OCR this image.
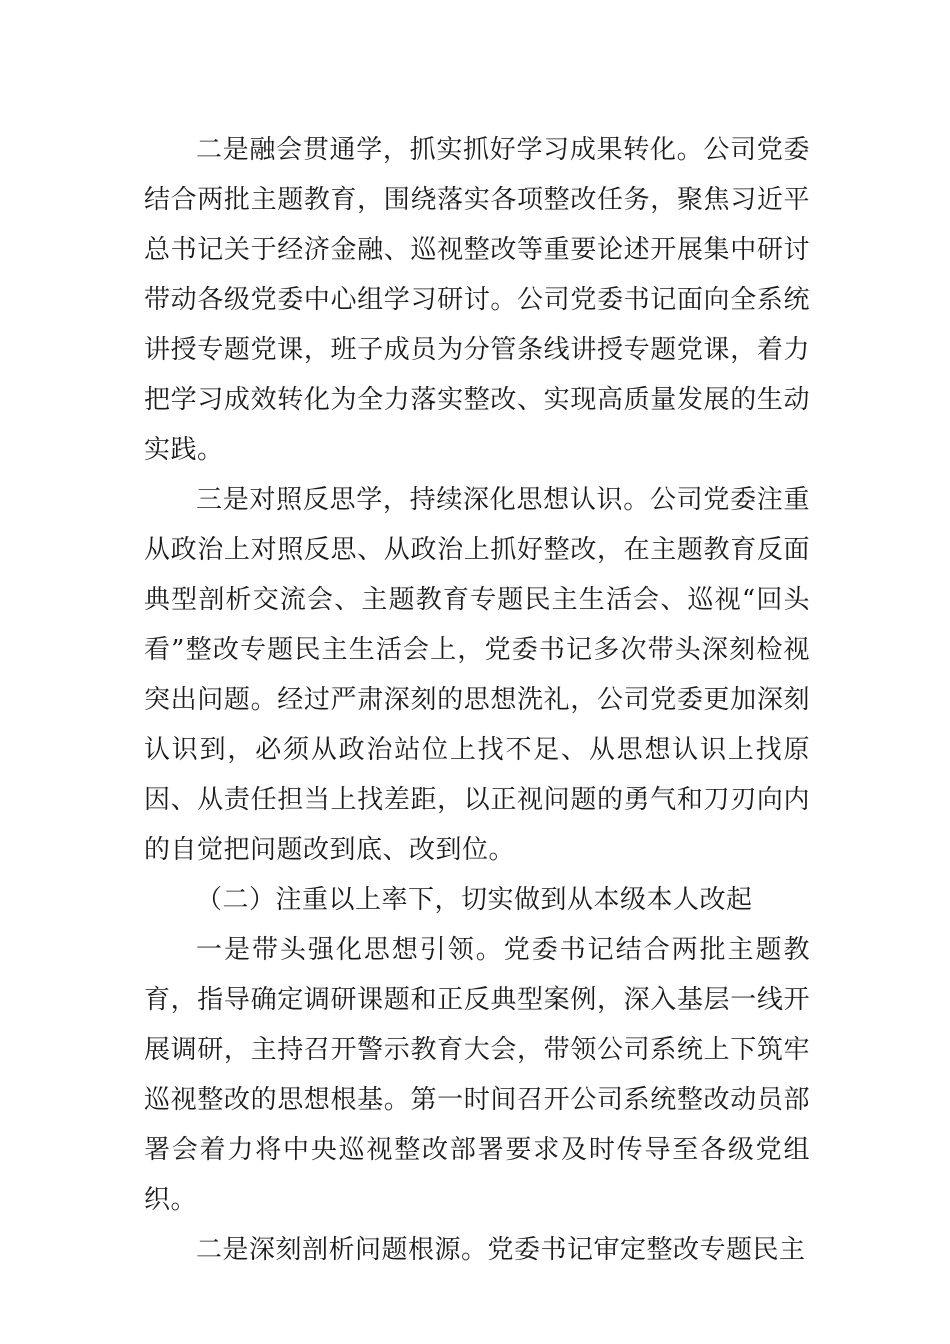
二是融会贯通学，抓实抓好学习成果转化。公司党委结合两批主题教育，围绕落实各项整改任务，聚焦习近平总书记关于经济金融、巡视整改等重要论述开展集中研讨带动各级党委中心组学习研讨。公司党委书记面向全系统讲授专题党课，班子成员为分管条线讲授专题党课，着力把学习成效转化为全力落实整改、实现高质量发展的生动实践。

三是对照反思学，持续深化思想认识。公司党委注重从政治上对照反思、从政治上抓好整改，在主题教育反面典型剖析交流会、主题教育专题民主生活会、巡视“回头看”整改专题民主生活会上，党委书记多次带头深刻检视突出问题。经过严肃深刻的思想洗礼，公司党委更加深刻认识到，必须从政治站位上找不足、从思想认识上找原因、从责任担当上找差距，以正视问题的勇气和刀刃向内的自觉把问题改到底、改到位。

（二）注重以上率下，切实做到从本级本人改起

一是带头强化思想引领。党委书记结合两批主题教育，指导确定调研课题和正反典型案例，深入基层一线开展调研，主持召开警示教育大会，带领公司系统上下筑牢巡视整改的思想根基。第一时间召开公司系统整改动员部署会着力将中央巡视整改部署要求及时传导至各级党组织。

二是深刻剖析问题根源。党委书记审定整改专题民主
